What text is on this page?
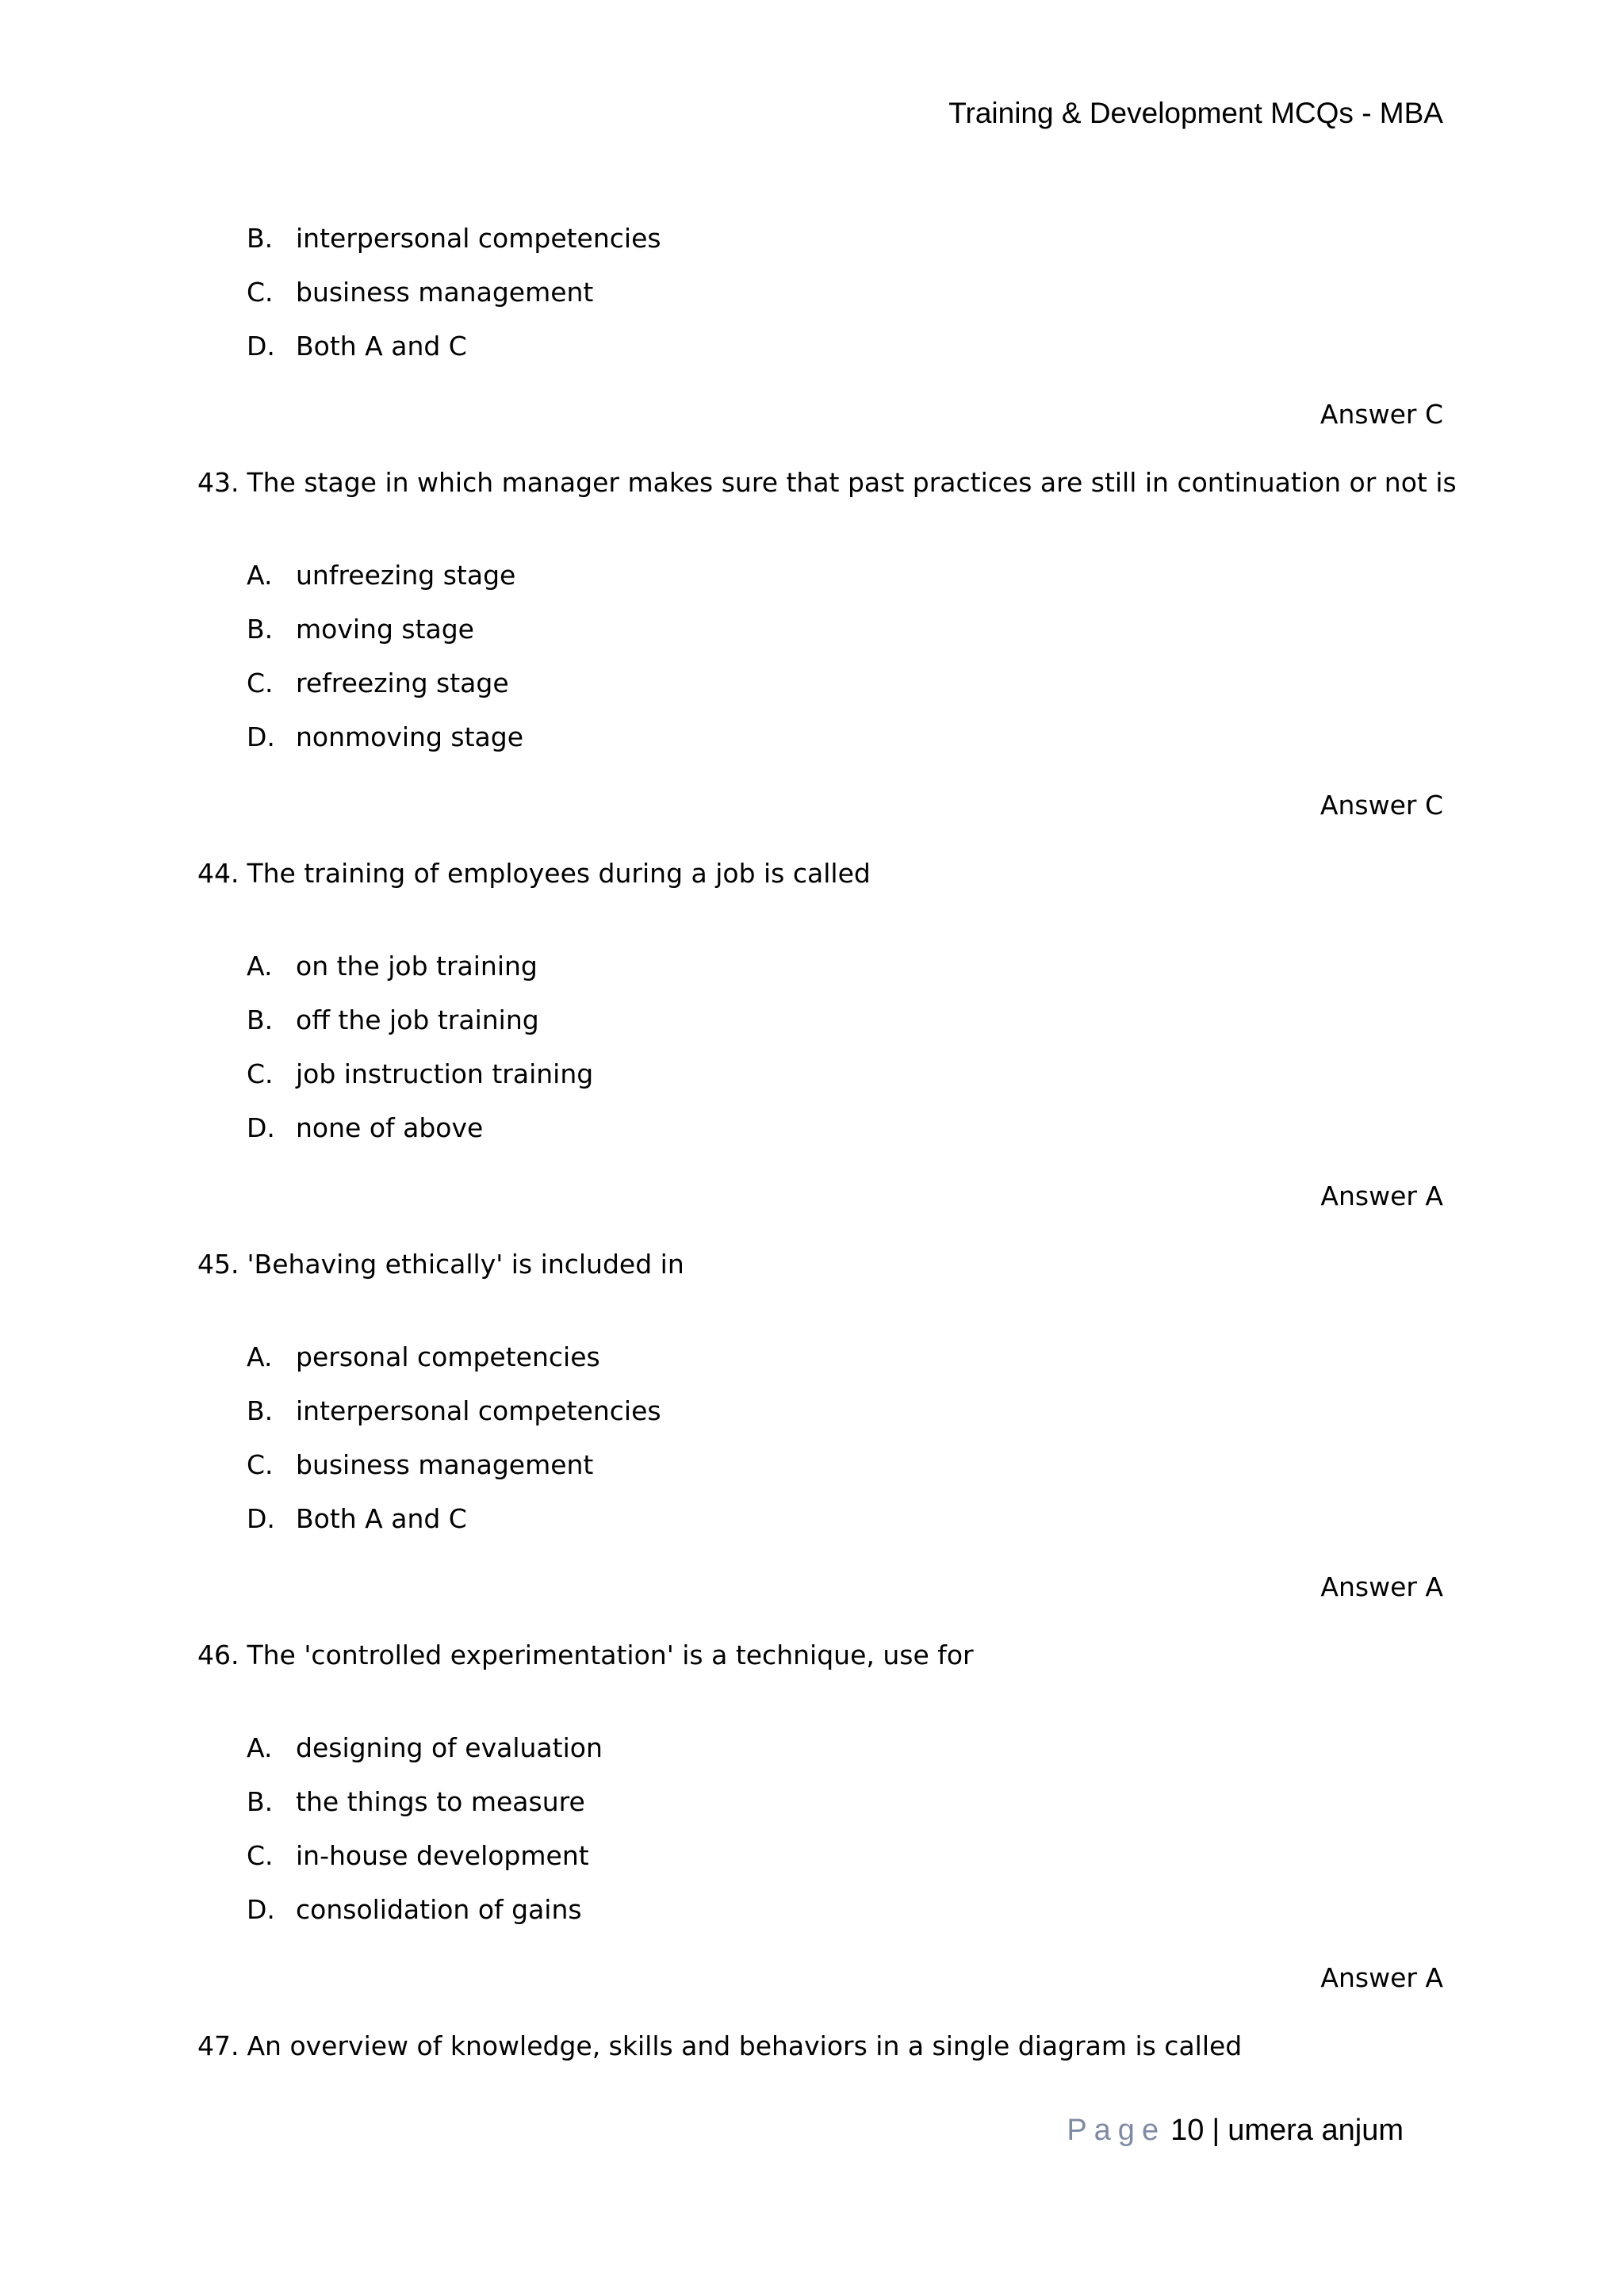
Training & Development MCQs - MBA
B. interpersonal competencies
C. business management
D. Both A and C
Answer C
43. The stage in which manager makes sure that past practices are still in continuation or not is
A. unfreezing stage
B. moving stage
C. refreezing stage
D. nonmoving stage
Answer C
44. The training of employees during a job is called
A. on the job training
B. off the job training
C. job instruction training
D. none of above
Answer A
45. 'Behaving ethically' is included in
A. personal competencies
B. interpersonal competencies
C. business management
D. Both A and C
Answer A
46. The 'controlled experimentation' is a technique, use for
A. designing of evaluation
B. the things to measure
C. in-house development
D. consolidation of gains
Answer A
47. An overview of knowledge, skills and behaviors in a single diagram is called
Page 10 | umera anjum
